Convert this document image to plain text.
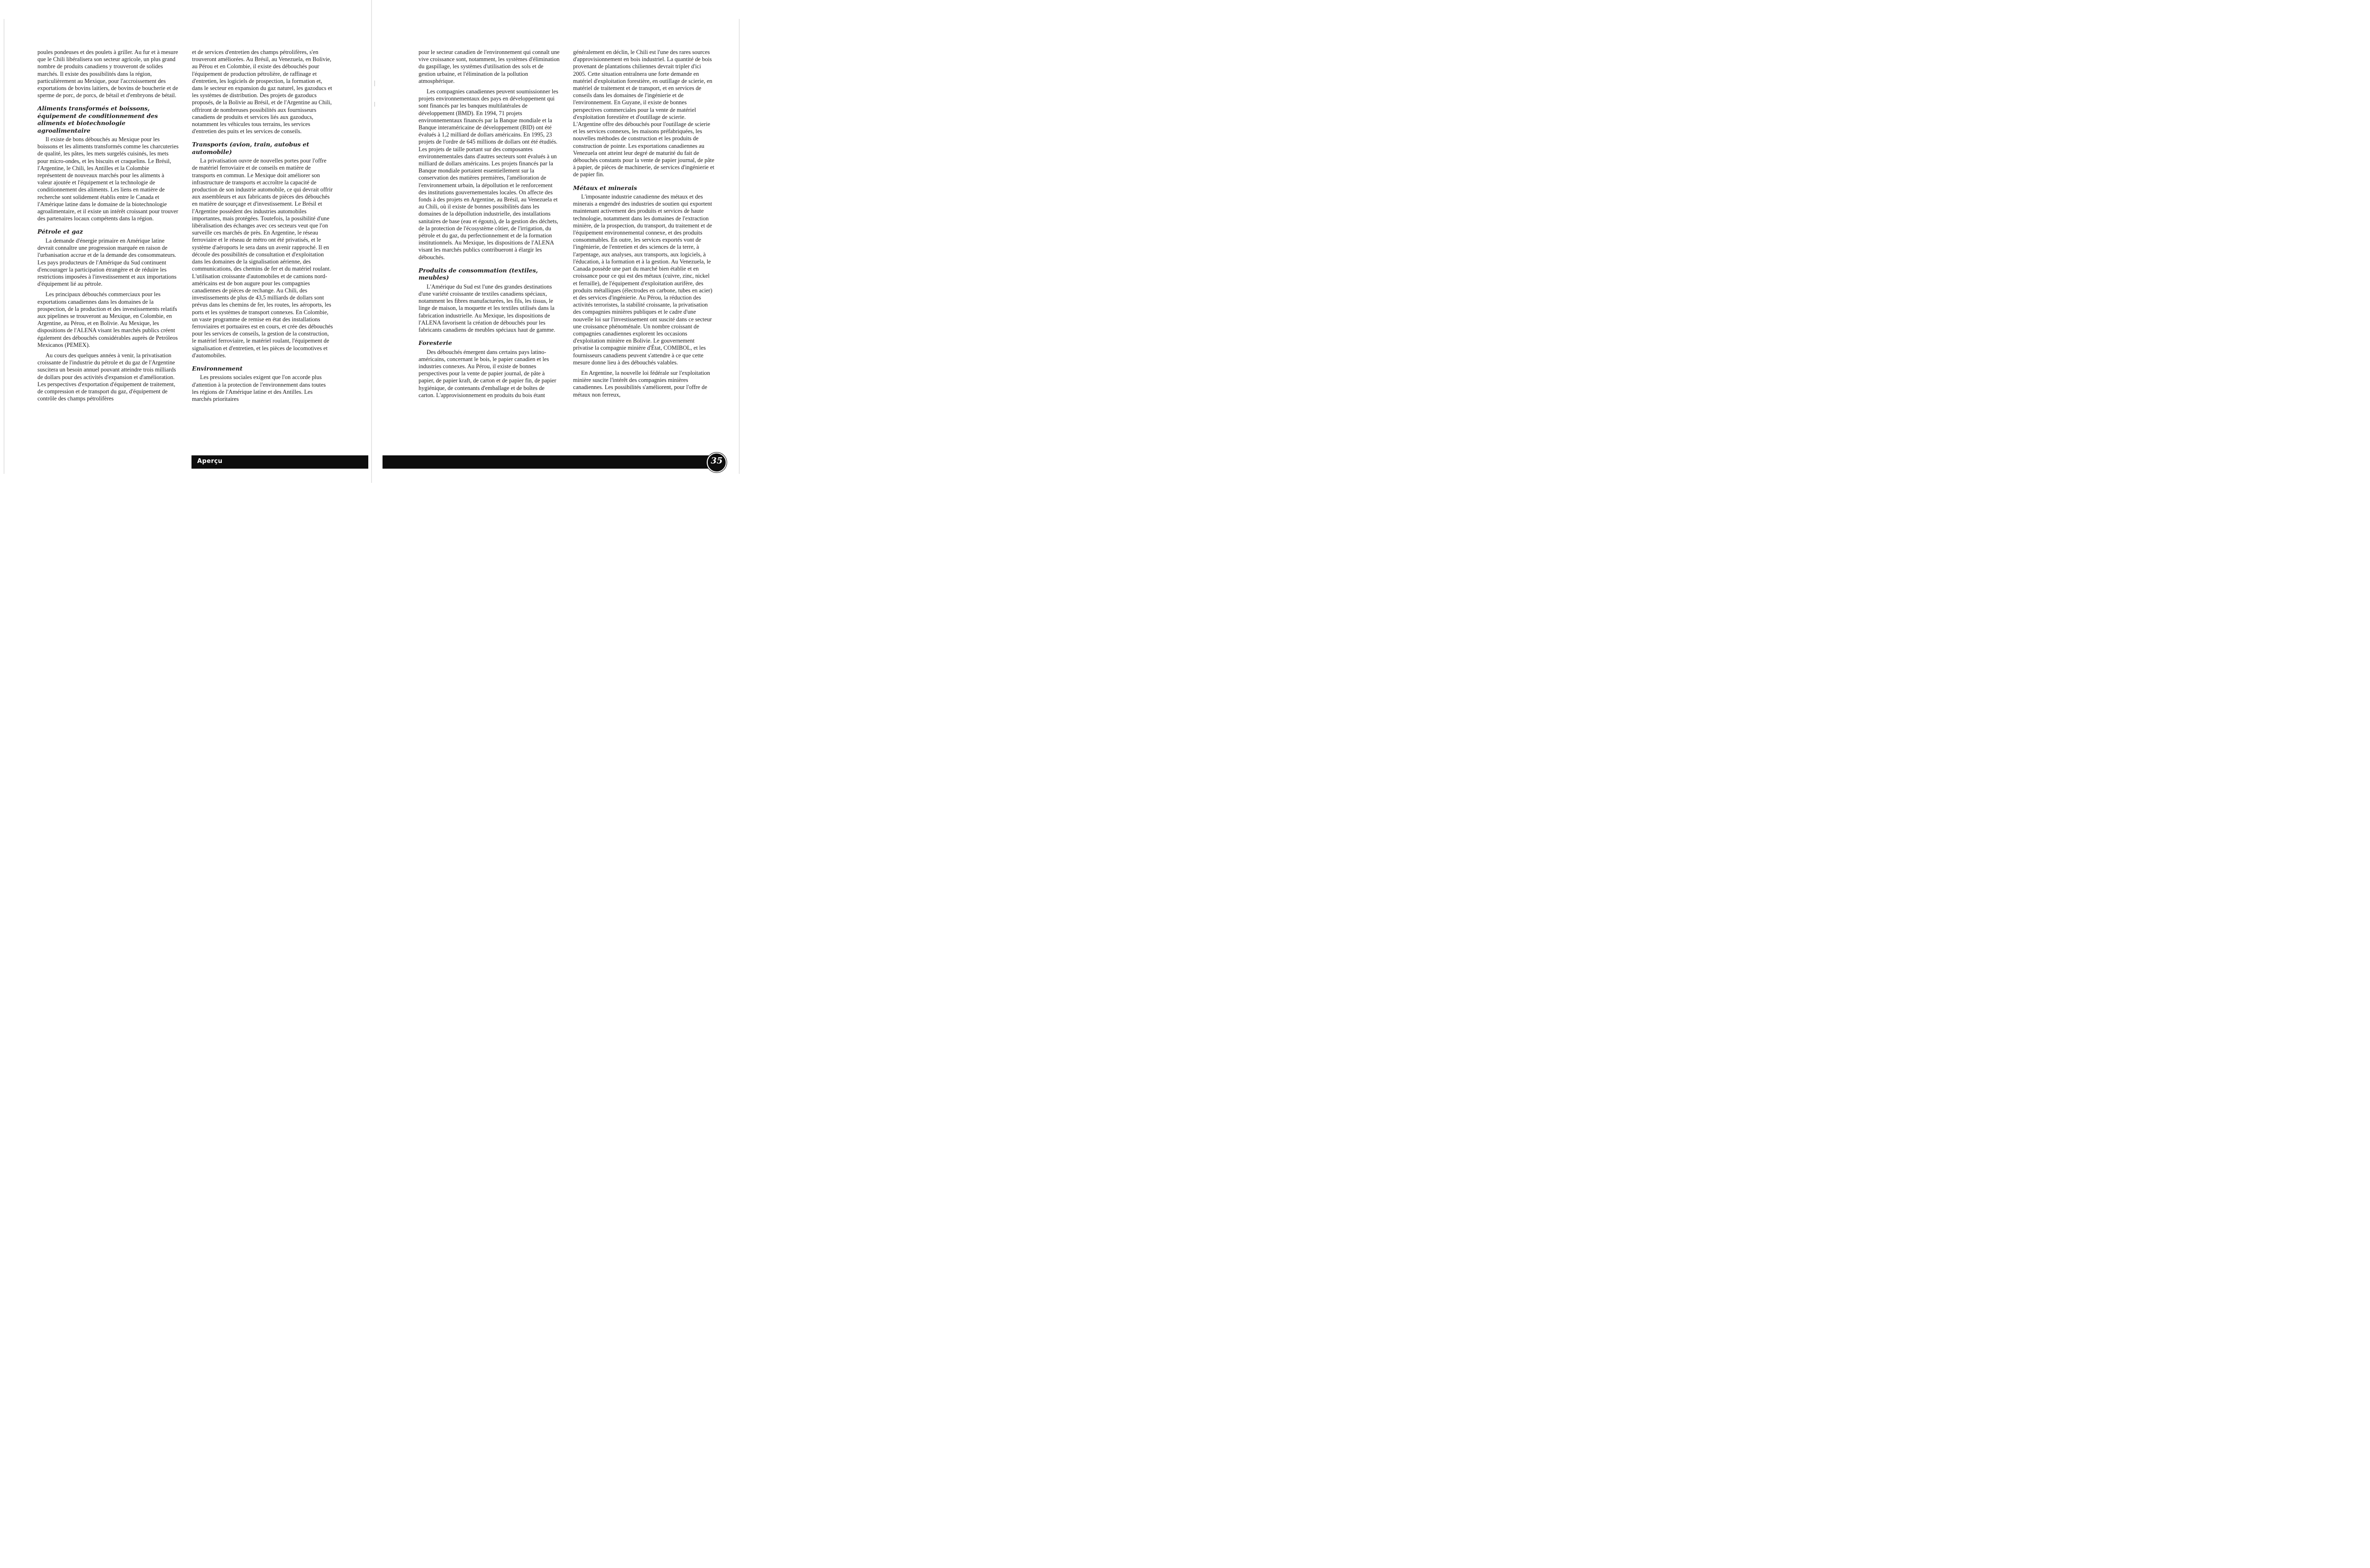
poules pondeuses et des poulets à griller. Au fur et à mesure que le Chili libéralisera son secteur agricole, un plus grand nombre de produits canadiens y trouveront de solides marchés. Il existe des possibilités dans la région, particulièrement au Mexique, pour l'accroissement des exportations de bovins laitiers, de bovins de boucherie et de sperme de porc, de porcs, de bétail et d'embryons de bétail.

Aliments transformés et boissons, équipement de conditionnement des aliments et biotechnologie agroalimentaire

Il existe de bons débouchés au Mexique pour les boissons et les aliments transformés comme les charcuteries de qualité, les pâtes, les mets surgelés cuisinés, les mets pour micro-ondes, et les biscuits et craquelins. Le Brésil, l'Argentine, le Chili, les Antilles et la Colombie représentent de nouveaux marchés pour les aliments à valeur ajoutée et l'équipement et la technologie de conditionnement des aliments. Les liens en matière de recherche sont solidement établis entre le Canada et l'Amérique latine dans le domaine de la biotechnologie agroalimentaire, et il existe un intérêt croissant pour trouver des partenaires locaux compétents dans la région.

Pétrole et gaz

La demande d'énergie primaire en Amérique latine devrait connaître une progression marquée en raison de l'urbanisation accrue et de la demande des consommateurs. Les pays producteurs de l'Amérique du Sud continuent d'encourager la participation étrangère et de réduire les restrictions imposées à l'investissement et aux importations d'équipement lié au pétrole.

Les principaux débouchés commerciaux pour les exportations canadiennes dans les domaines de la prospection, de la production et des investissements relatifs aux pipelines se trouveront au Mexique, en Colombie, en Argentine, au Pérou, et en Bolivie. Au Mexique, les dispositions de l'ALENA visant les marchés publics créent également des débouchés considérables auprès de Petróleos Mexicanos (PEMEX).

Au cours des quelques années à venir, la privatisation croissante de l'industrie du pétrole et du gaz de l'Argentine suscitera un besoin annuel pouvant atteindre trois milliards de dollars pour des activités d'expansion et d'amélioration. Les perspectives d'exportation d'équipement de traitement, de compression et de transport du gaz, d'équipement de contrôle des champs pétrolifères

et de services d'entretien des champs pétrolifères, s'en trouveront améliorées. Au Brésil, au Venezuela, en Bolivie, au Pérou et en Colombie, il existe des débouchés pour l'équipement de production pétrolière, de raffinage et d'entretien, les logiciels de prospection, la formation et, dans le secteur en expansion du gaz naturel, les gazoducs et les systèmes de distribution. Des projets de gazoducs proposés, de la Bolivie au Brésil, et de l'Argentine au Chili, offriront de nombreuses possibilités aux fournisseurs canadiens de produits et services liés aux gazoducs, notamment les véhicules tous terrains, les services d'entretien des puits et les services de conseils.

Transports (avion, train, autobus et automobile)

La privatisation ouvre de nouvelles portes pour l'offre de matériel ferroviaire et de conseils en matière de transports en commun. Le Mexique doit améliorer son infrastructure de transports et accroître la capacité de production de son industrie automobile, ce qui devrait offrir aux assembleurs et aux fabricants de pièces des débouchés en matière de sourçage et d'investissement. Le Brésil et l'Argentine possèdent des industries automobiles importantes, mais protégées. Toutefois, la possibilité d'une libéralisation des échanges avec ces secteurs veut que l'on surveille ces marchés de près. En Argentine, le réseau ferroviaire et le réseau de métro ont été privatisés, et le système d'aéroports le sera dans un avenir rapproché. Il en découle des possibilités de consultation et d'exploitation dans les domaines de la signalisation aérienne, des communications, des chemins de fer et du matériel roulant. L'utilisation croissante d'automobiles et de camions nord-américains est de bon augure pour les compagnies canadiennes de pièces de rechange. Au Chili, des investissements de plus de 43,5 milliards de dollars sont prévus dans les chemins de fer, les routes, les aéroports, les ports et les systèmes de transport connexes. En Colombie, un vaste programme de remise en état des installations ferroviaires et portuaires est en cours, et crée des débouchés pour les services de conseils, la gestion de la construction, le matériel ferroviaire, le matériel roulant, l'équipement de signalisation et d'entretien, et les pièces de locomotives et d'automobiles.

Environnement

Les pressions sociales exigent que l'on accorde plus d'attention à la protection de l'environnement dans toutes les régions de l'Amérique latine et des Antilles. Les marchés prioritaires

pour le secteur canadien de l'environnement qui connaît une vive croissance sont, notamment, les systèmes d'élimination du gaspillage, les systèmes d'utilisation des sols et de gestion urbaine, et l'élimination de la pollution atmosphérique.

Les compagnies canadiennes peuvent soumissionner les projets environnementaux des pays en développement qui sont financés par les banques multilatérales de développement (BMD). En 1994, 71 projets environnementaux financés par la Banque mondiale et la Banque interaméricaine de développement (BID) ont été évalués à 1,2 milliard de dollars américains. En 1995, 23 projets de l'ordre de 645 millions de dollars ont été étudiés. Les projets de taille portant sur des composantes environnementales dans d'autres secteurs sont évalués à un milliard de dollars américains. Les projets financés par la Banque mondiale portaient essentiellement sur la conservation des matières premières, l'amélioration de l'environnement urbain, la dépollution et le renforcement des institutions gouvernementales locales. On affecte des fonds à des projets en Argentine, au Brésil, au Venezuela et au Chili, où il existe de bonnes possibilités dans les domaines de la dépollution industrielle, des installations sanitaires de base (eau et égouts), de la gestion des déchets, de la protection de l'écosystème côtier, de l'irrigation, du pétrole et du gaz, du perfectionnement et de la formation institutionnels. Au Mexique, les dispositions de l'ALENA visant les marchés publics contribueront à élargir les débouchés.

Produits de consommation (textiles, meubles)

L'Amérique du Sud est l'une des grandes destinations d'une variété croissante de textiles canadiens spéciaux, notamment les fibres manufacturées, les fils, les tissus, le linge de maison, la moquette et les textiles utilisés dans la fabrication industrielle. Au Mexique, les dispositions de l'ALENA favorisent la création de débouchés pour les fabricants canadiens de meubles spéciaux haut de gamme.

Foresterie

Des débouchés émergent dans certains pays latino-américains, concernant le bois, le papier canadien et les industries connexes. Au Pérou, il existe de bonnes perspectives pour la vente de papier journal, de pâte à papier, de papier kraft, de carton et de papier fin, de papier hygiénique, de contenants d'emballage et de boîtes de carton. L'approvisionnement en produits du bois étant

généralement en déclin, le Chili est l'une des rares sources d'approvisionnement en bois industriel. La quantité de bois provenant de plantations chiliennes devrait tripler d'ici 2005. Cette situation entraînera une forte demande en matériel d'exploitation forestière, en outillage de scierie, en matériel de traitement et de transport, et en services de conseils dans les domaines de l'ingénierie et de l'environnement. En Guyane, il existe de bonnes perspectives commerciales pour la vente de matériel d'exploitation forestière et d'outillage de scierie. L'Argentine offre des débouchés pour l'outillage de scierie et les services connexes, les maisons préfabriquées, les nouvelles méthodes de construction et les produits de construction de pointe. Les exportations canadiennes au Venezuela ont atteint leur degré de maturité du fait de débouchés constants pour la vente de papier journal, de pâte à papier, de pièces de machinerie, de services d'ingénierie et de papier fin.

Métaux et minerais

L'imposante industrie canadienne des métaux et des minerais a engendré des industries de soutien qui exportent maintenant activement des produits et services de haute technologie, notamment dans les domaines de l'extraction minière, de la prospection, du transport, du traitement et de l'équipement environnemental connexe, et des produits consommables. En outre, les services exportés vont de l'ingénierie, de l'entretien et des sciences de la terre, à l'arpentage, aux analyses, aux transports, aux logiciels, à l'éducation, à la formation et à la gestion. Au Venezuela, le Canada possède une part du marché bien établie et en croissance pour ce qui est des métaux (cuivre, zinc, nickel et ferraille), de l'équipement d'exploitation aurifère, des produits métalliques (électrodes en carbone, tubes en acier) et des services d'ingénierie. Au Pérou, la réduction des activités terroristes, la stabilité croissante, la privatisation des compagnies minières publiques et le cadre d'une nouvelle loi sur l'investissement ont suscité dans ce secteur une croissance phénoménale. Un nombre croissant de compagnies canadiennes explorent les occasions d'exploitation minière en Bolivie. Le gouvernement privatise la compagnie minière d'État, COMIBOL, et les fournisseurs canadiens peuvent s'attendre à ce que cette mesure donne lieu à des débouchés valables.

En Argentine, la nouvelle loi fédérale sur l'exploitation minière suscite l'intérêt des compagnies minières canadiennes. Les possibilités s'améliorent, pour l'offre de métaux non ferreux,

Aperçu	35
